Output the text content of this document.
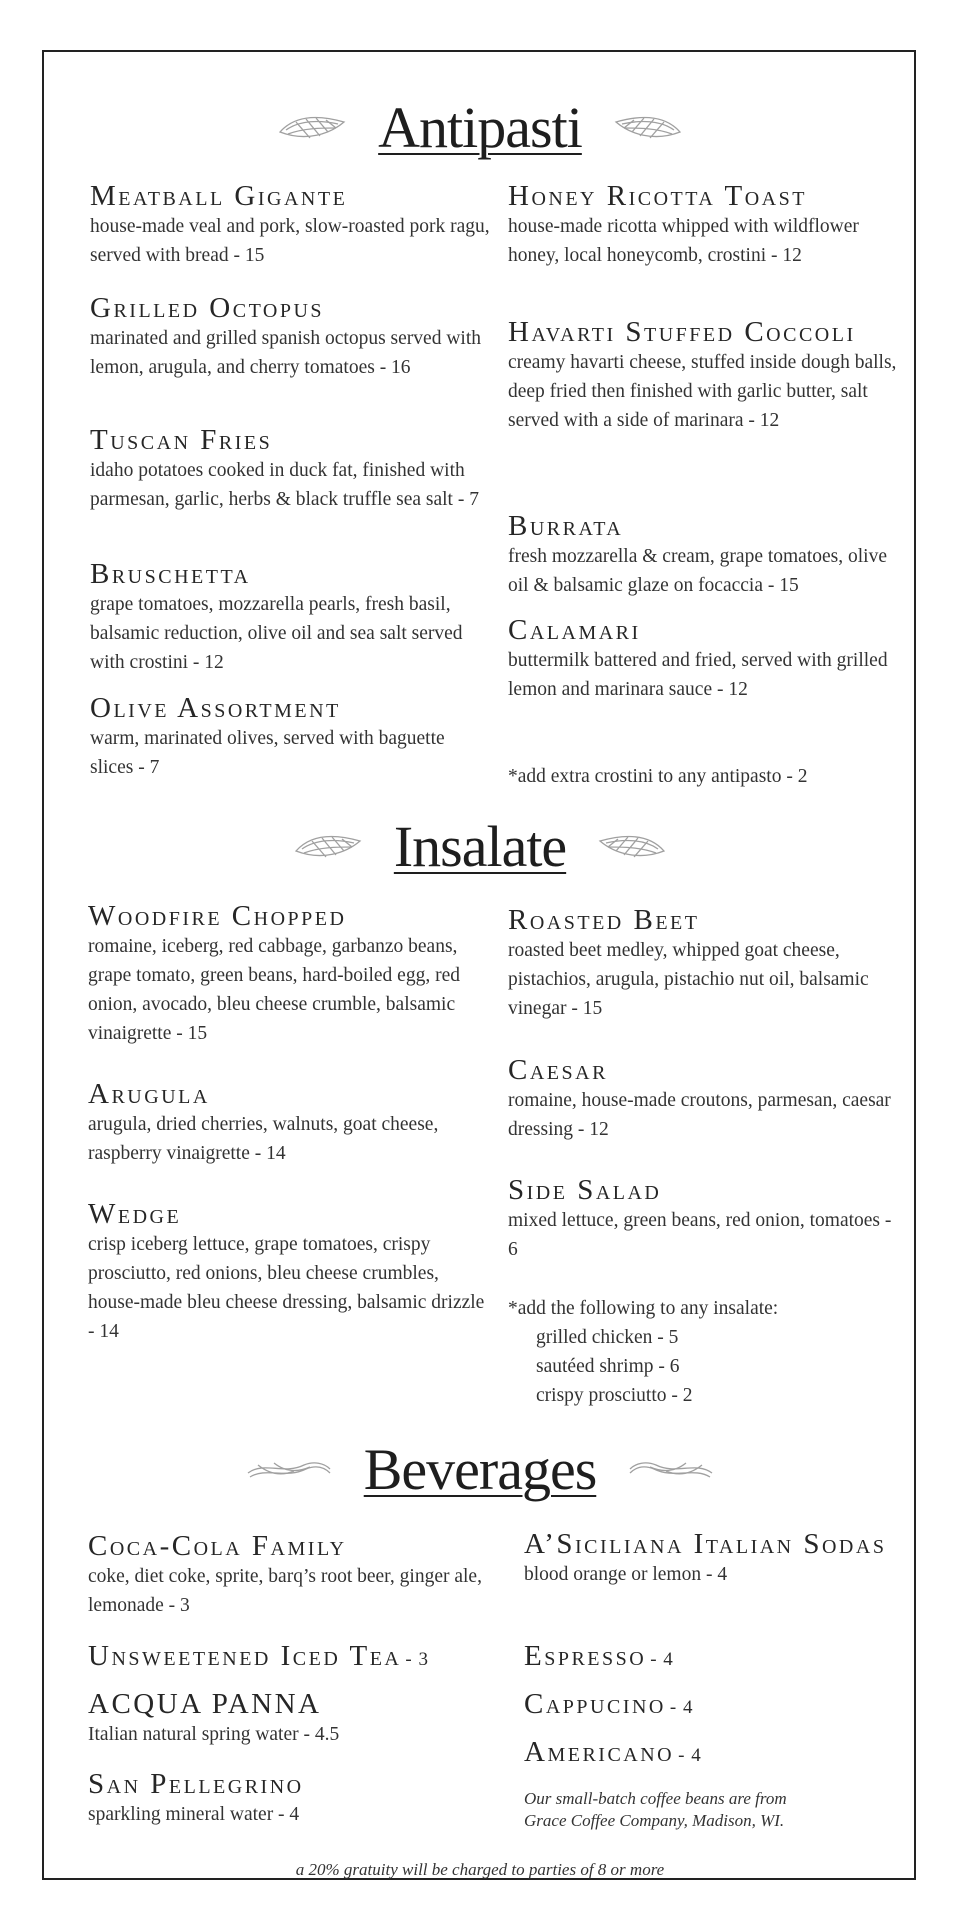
Antipasti
Meatball Gigante
house-made veal and pork, slow-roasted pork ragu, served with bread - 15
Grilled Octopus
marinated and grilled spanish octopus served with lemon, arugula, and cherry tomatoes - 16
Tuscan Fries
idaho potatoes cooked in duck fat, finished with parmesan, garlic, herbs & black truffle sea salt - 7
Bruschetta
grape tomatoes, mozzarella pearls, fresh basil, balsamic reduction, olive oil and sea salt served with crostini - 12
Olive Assortment
warm, marinated olives, served with baguette slices - 7
Honey Ricotta Toast
house-made ricotta whipped with wildflower honey, local honeycomb, crostini - 12
Havarti Stuffed Coccoli
creamy havarti cheese, stuffed inside dough balls, deep fried then finished with garlic butter, salt served with a side of marinara - 12
Burrata
fresh mozzarella & cream, grape tomatoes, olive oil & balsamic glaze on focaccia - 15
Calamari
buttermilk battered and fried, served with grilled lemon and marinara sauce - 12
*add extra crostini to any antipasto - 2
Insalate
Woodfire Chopped
romaine, iceberg, red cabbage, garbanzo beans, grape tomato, green beans, hard-boiled egg, red onion, avocado, bleu cheese crumble, balsamic vinaigrette - 15
Arugula
arugula, dried cherries, walnuts, goat cheese, raspberry vinaigrette - 14
Wedge
crisp iceberg lettuce, grape tomatoes, crispy prosciutto, red onions, bleu cheese crumbles, house-made bleu cheese dressing, balsamic drizzle - 14
Roasted Beet
roasted beet medley, whipped goat cheese, pistachios, arugula, pistachio nut oil, balsamic vinegar - 15
Caesar
romaine, house-made croutons, parmesan, caesar dressing - 12
Side Salad
mixed lettuce, green beans, red onion, tomatoes - 6
*add the following to any insalate:
grilled chicken - 5
sautéed shrimp - 6
crispy prosciutto - 2
Beverages
Coca-Cola Family
coke, diet coke, sprite, barq’s root beer, ginger ale, lemonade - 3
Unsweetened Iced Tea - 3
ACQUA PANNA
Italian natural spring water - 4.5
San Pellegrino
sparkling mineral water - 4
A’Siciliana Italian Sodas
blood orange or lemon - 4
Espresso - 4
Cappucino - 4
Americano - 4
Our small-batch coffee beans are from Grace Coffee Company, Madison, WI.
a 20% gratuity will be charged to parties of 8 or more
